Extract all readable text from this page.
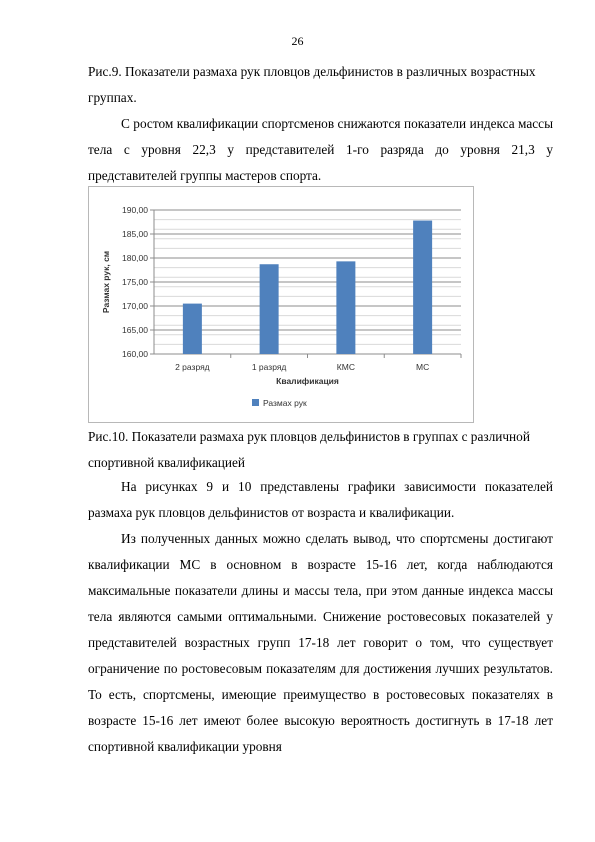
26
Рис.9. Показатели размаха рук пловцов дельфинистов в различных возрастных группах.

С ростом квалификации спортсменов снижаются показатели индекса массы тела с уровня 22,3 у представителей 1-го разряда до уровня 21,3 у представителей группы мастеров спорта.

160,00
165,00
170,00
175,00
180,00
185,00
190,00
2 разряд	1 разряд	КМС	МС
Квалификация
Размах рук, см
Размах рук
Рис.10. Показатели размаха рук пловцов дельфинистов в группах с различной спортивной квалификацией

На рисунках 9 и 10 представлены графики зависимости показателей размаха рук пловцов дельфинистов от возраста и квалификации.

Из полученных данных можно сделать вывод, что спортсмены достигают квалификации МС в основном в возрасте 15-16 лет, когда наблюдаются максимальные показатели длины и массы тела, при этом данные индекса массы тела являются самыми оптимальными. Снижение ростовесовых показателей у представителей возрастных групп 17-18 лет говорит о том, что существует ограничение по ростовесовым показателям для достижения лучших результатов. То есть, спортсмены, имеющие преимущество в ростовесовых показателях в возрасте 15-16 лет имеют более высокую вероятность достигнуть в 17-18 лет спортивной квалификации уровня
